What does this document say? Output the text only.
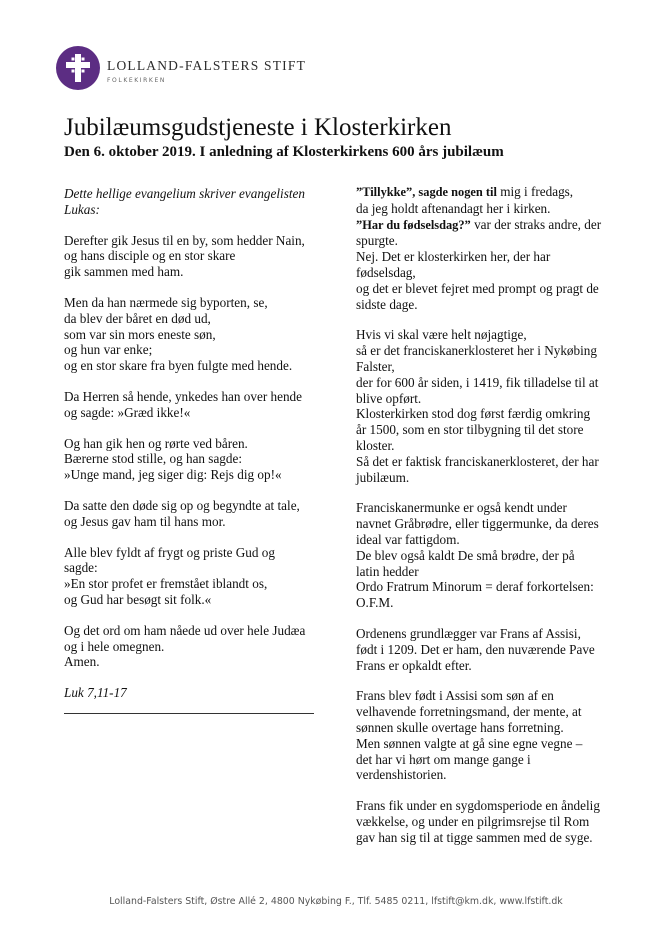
LOLLAND-FALSTERS STIFT
FOLKEKIRKEN
Jubilæumsgudstjeneste i Klosterkirken
Den 6. oktober 2019. I anledning af Klosterkirkens 600 års jubilæum

Dette hellige evangelium skriver evangelisten
Lukas:

Derefter gik Jesus til en by, som hedder Nain,
og hans disciple og en stor skare
gik sammen med ham.

Men da han nærmede sig byporten, se,
da blev der båret en død ud,
som var sin mors eneste søn,
og hun var enke;
og en stor skare fra byen fulgte med hende.

Da Herren så hende, ynkedes han over hende
og sagde: »Græd ikke!«

Og han gik hen og rørte ved båren.
Bærerne stod stille, og han sagde:
»Unge mand, jeg siger dig: Rejs dig op!«

Da satte den døde sig op og begyndte at tale,
og Jesus gav ham til hans mor.

Alle blev fyldt af frygt og priste Gud og
sagde:
»En stor profet er fremstået iblandt os,
og Gud har besøgt sit folk.«

Og det ord om ham nåede ud over hele Judæa
og i hele omegnen.
Amen.

Luk 7,11-17

”Tillykke”, sagde nogen til mig i fredags,
da jeg holdt aftenandagt her i kirken.
”Har du fødselsdag?” var der straks andre, der
spurgte.
Nej. Det er klosterkirken her, der har
fødselsdag,
og det er blevet fejret med prompt og pragt de
sidste dage.

Hvis vi skal være helt nøjagtige,
så er det franciskanerklosteret her i Nykøbing
Falster,
der for 600 år siden, i 1419, fik tilladelse til at
blive opført.
Klosterkirken stod dog først færdig omkring
år 1500, som en stor tilbygning til det store
kloster.
Så det er faktisk franciskanerklosteret, der har
jubilæum.

Franciskanermunke er også kendt under
navnet Gråbrødre, eller tiggermunke, da deres
ideal var fattigdom.
De blev også kaldt De små brødre, der på
latin hedder
Ordo Fratrum Minorum = deraf forkortelsen:
O.F.M.

Ordenens grundlægger var Frans af Assisi,
født i 1209. Det er ham, den nuværende Pave
Frans er opkaldt efter.

Frans blev født i Assisi som søn af en
velhavende forretningsmand, der mente, at
sønnen skulle overtage hans forretning.
Men sønnen valgte at gå sine egne vegne –
det har vi hørt om mange gange i
verdenshistorien.

Frans fik under en sygdomsperiode en åndelig
vækkelse, og under en pilgrimsrejse til Rom
gav han sig til at tigge sammen med de syge.

Lolland-Falsters Stift, Østre Allé 2, 4800 Nykøbing F., Tlf. 5485 0211, lfstift@km.dk, www.lfstift.dk
